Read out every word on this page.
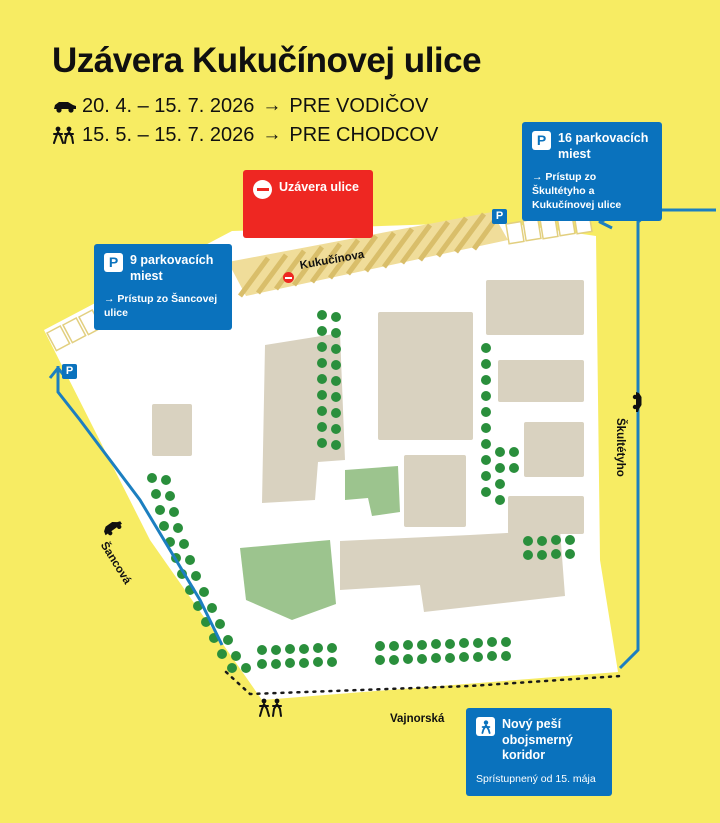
Uzávera Kukučínovej ulice
20. 4. – 15. 7. 2026 → PRE VODIČOV
15. 5. – 15. 7. 2026 → PRE CHODCOV
Uzávera ulice
P 16 parkovacích miest
→ Prístup zo Škultétyho a Kukučínovej ulice
P 9 parkovacích miest
→ Prístup zo Šancovej ulice
Nový peší obojsmerný koridor
Sprístupnený od 15. mája
Kukučínova
Škultétyho
Šancová
Vajnorská
P
P
